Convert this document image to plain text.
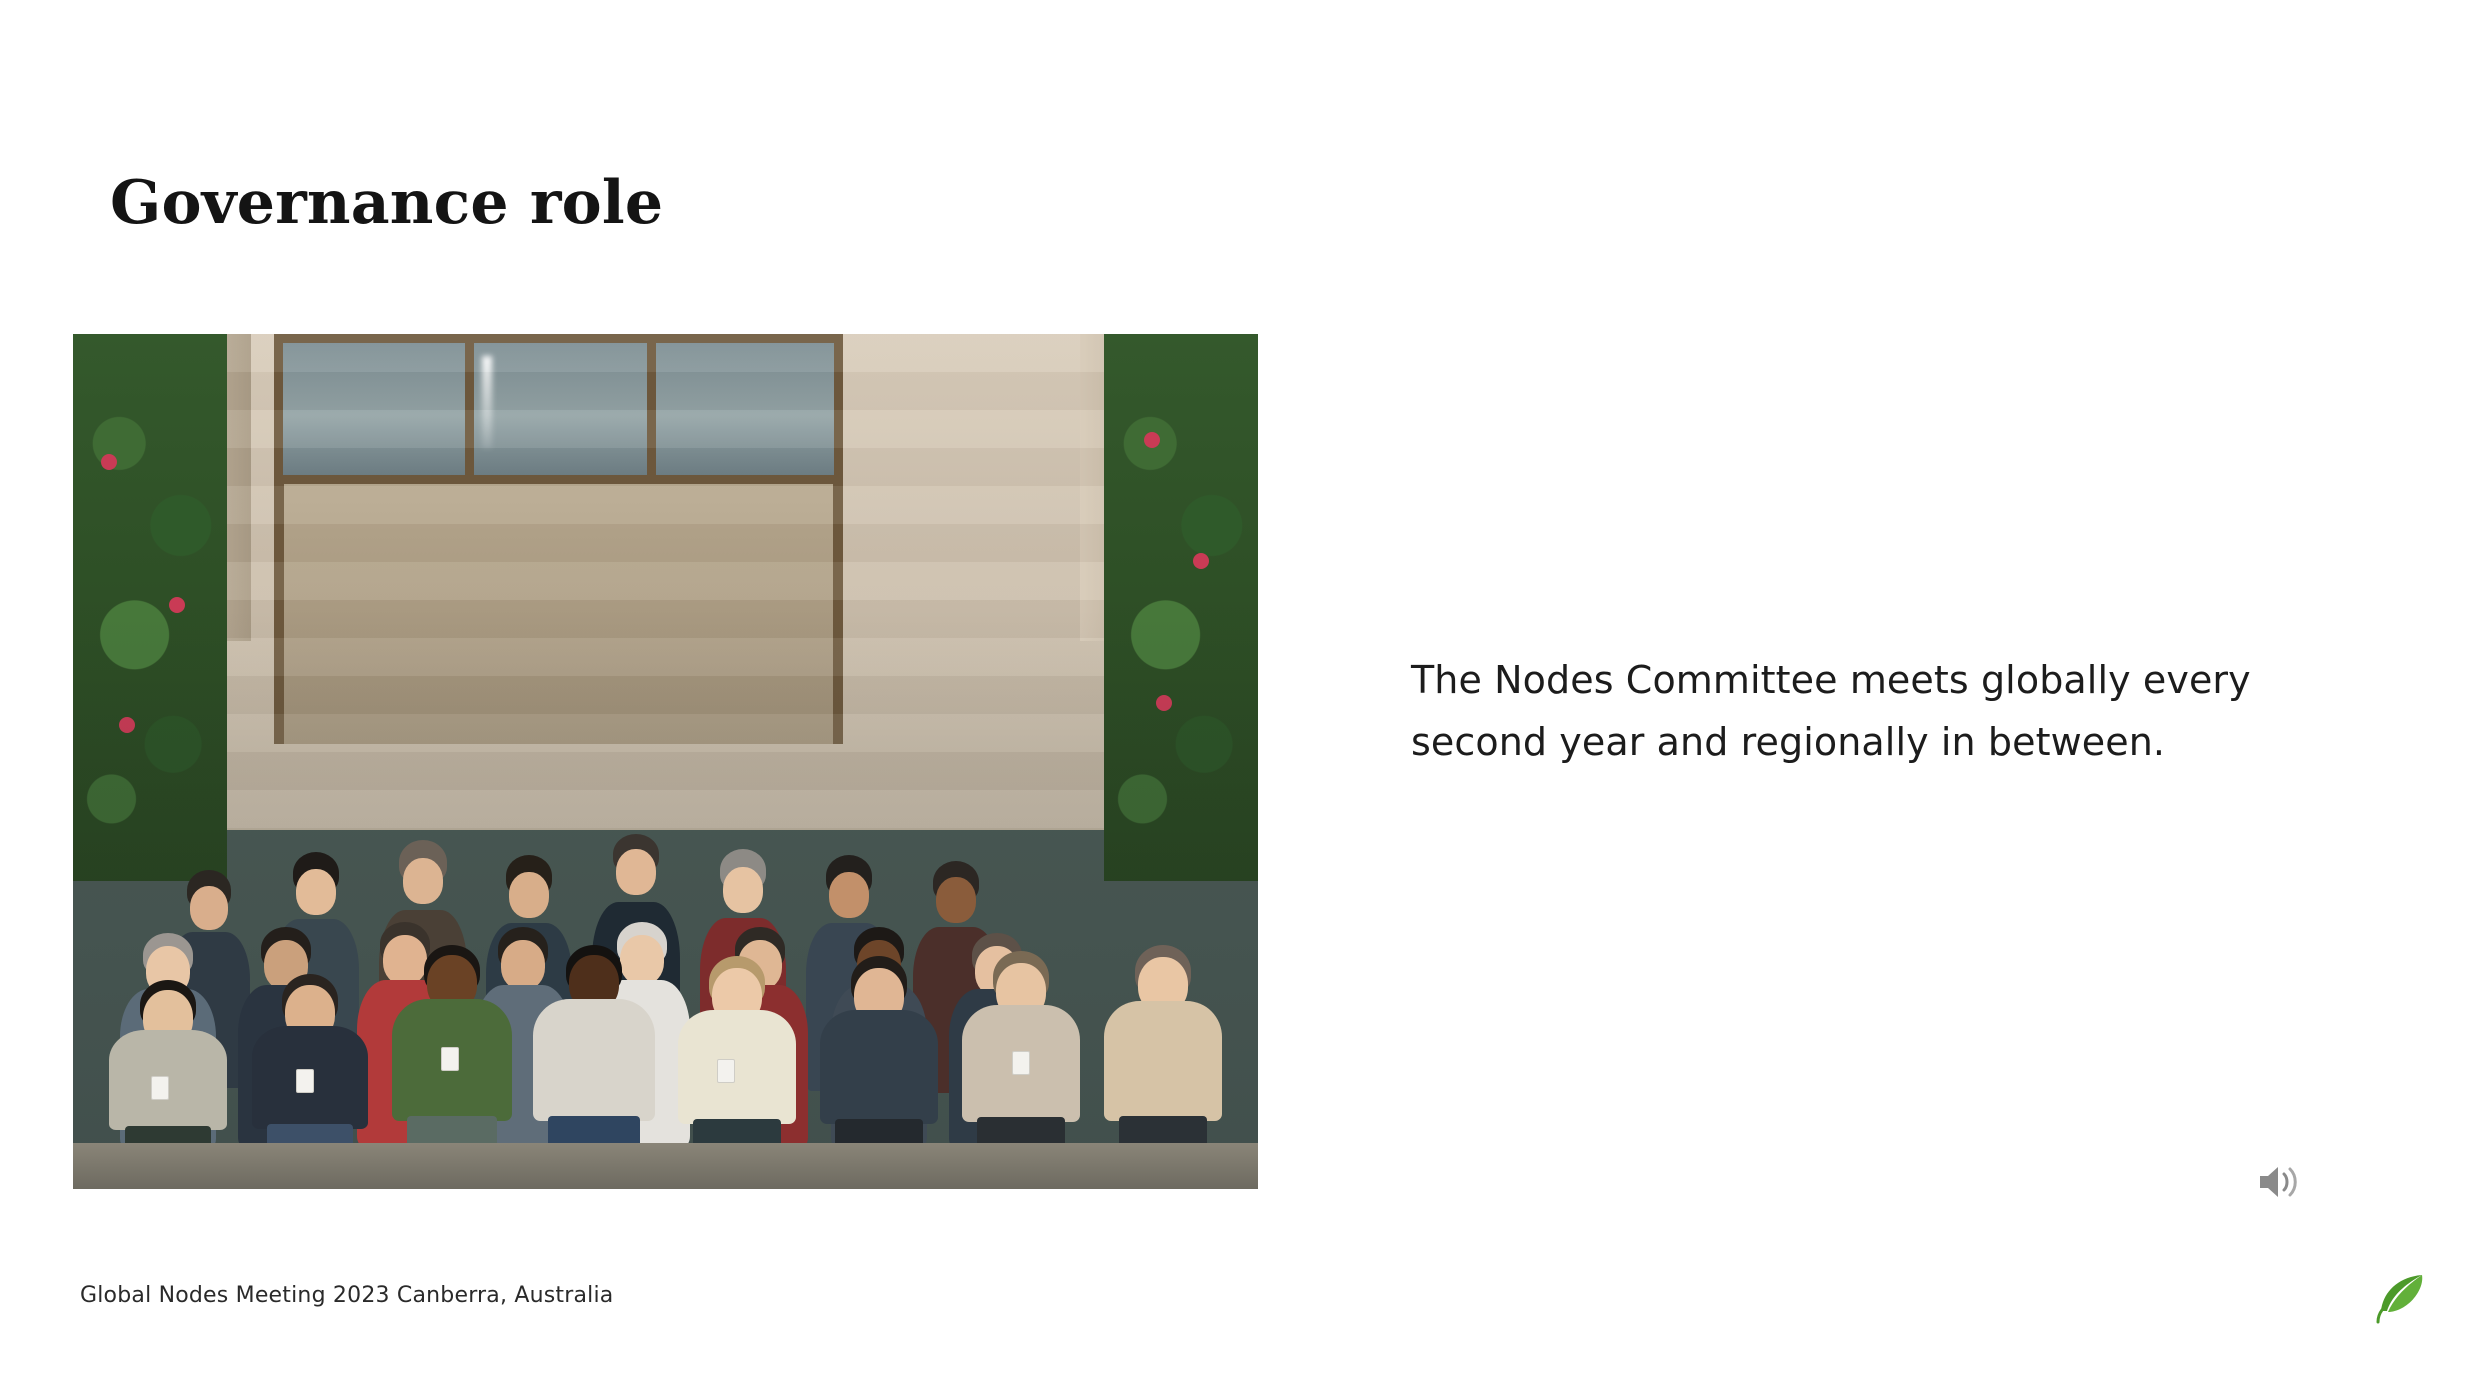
Governance role
The Nodes Committee meets globally every second year and regionally in between.
Global Nodes Meeting 2023 Canberra, Australia
